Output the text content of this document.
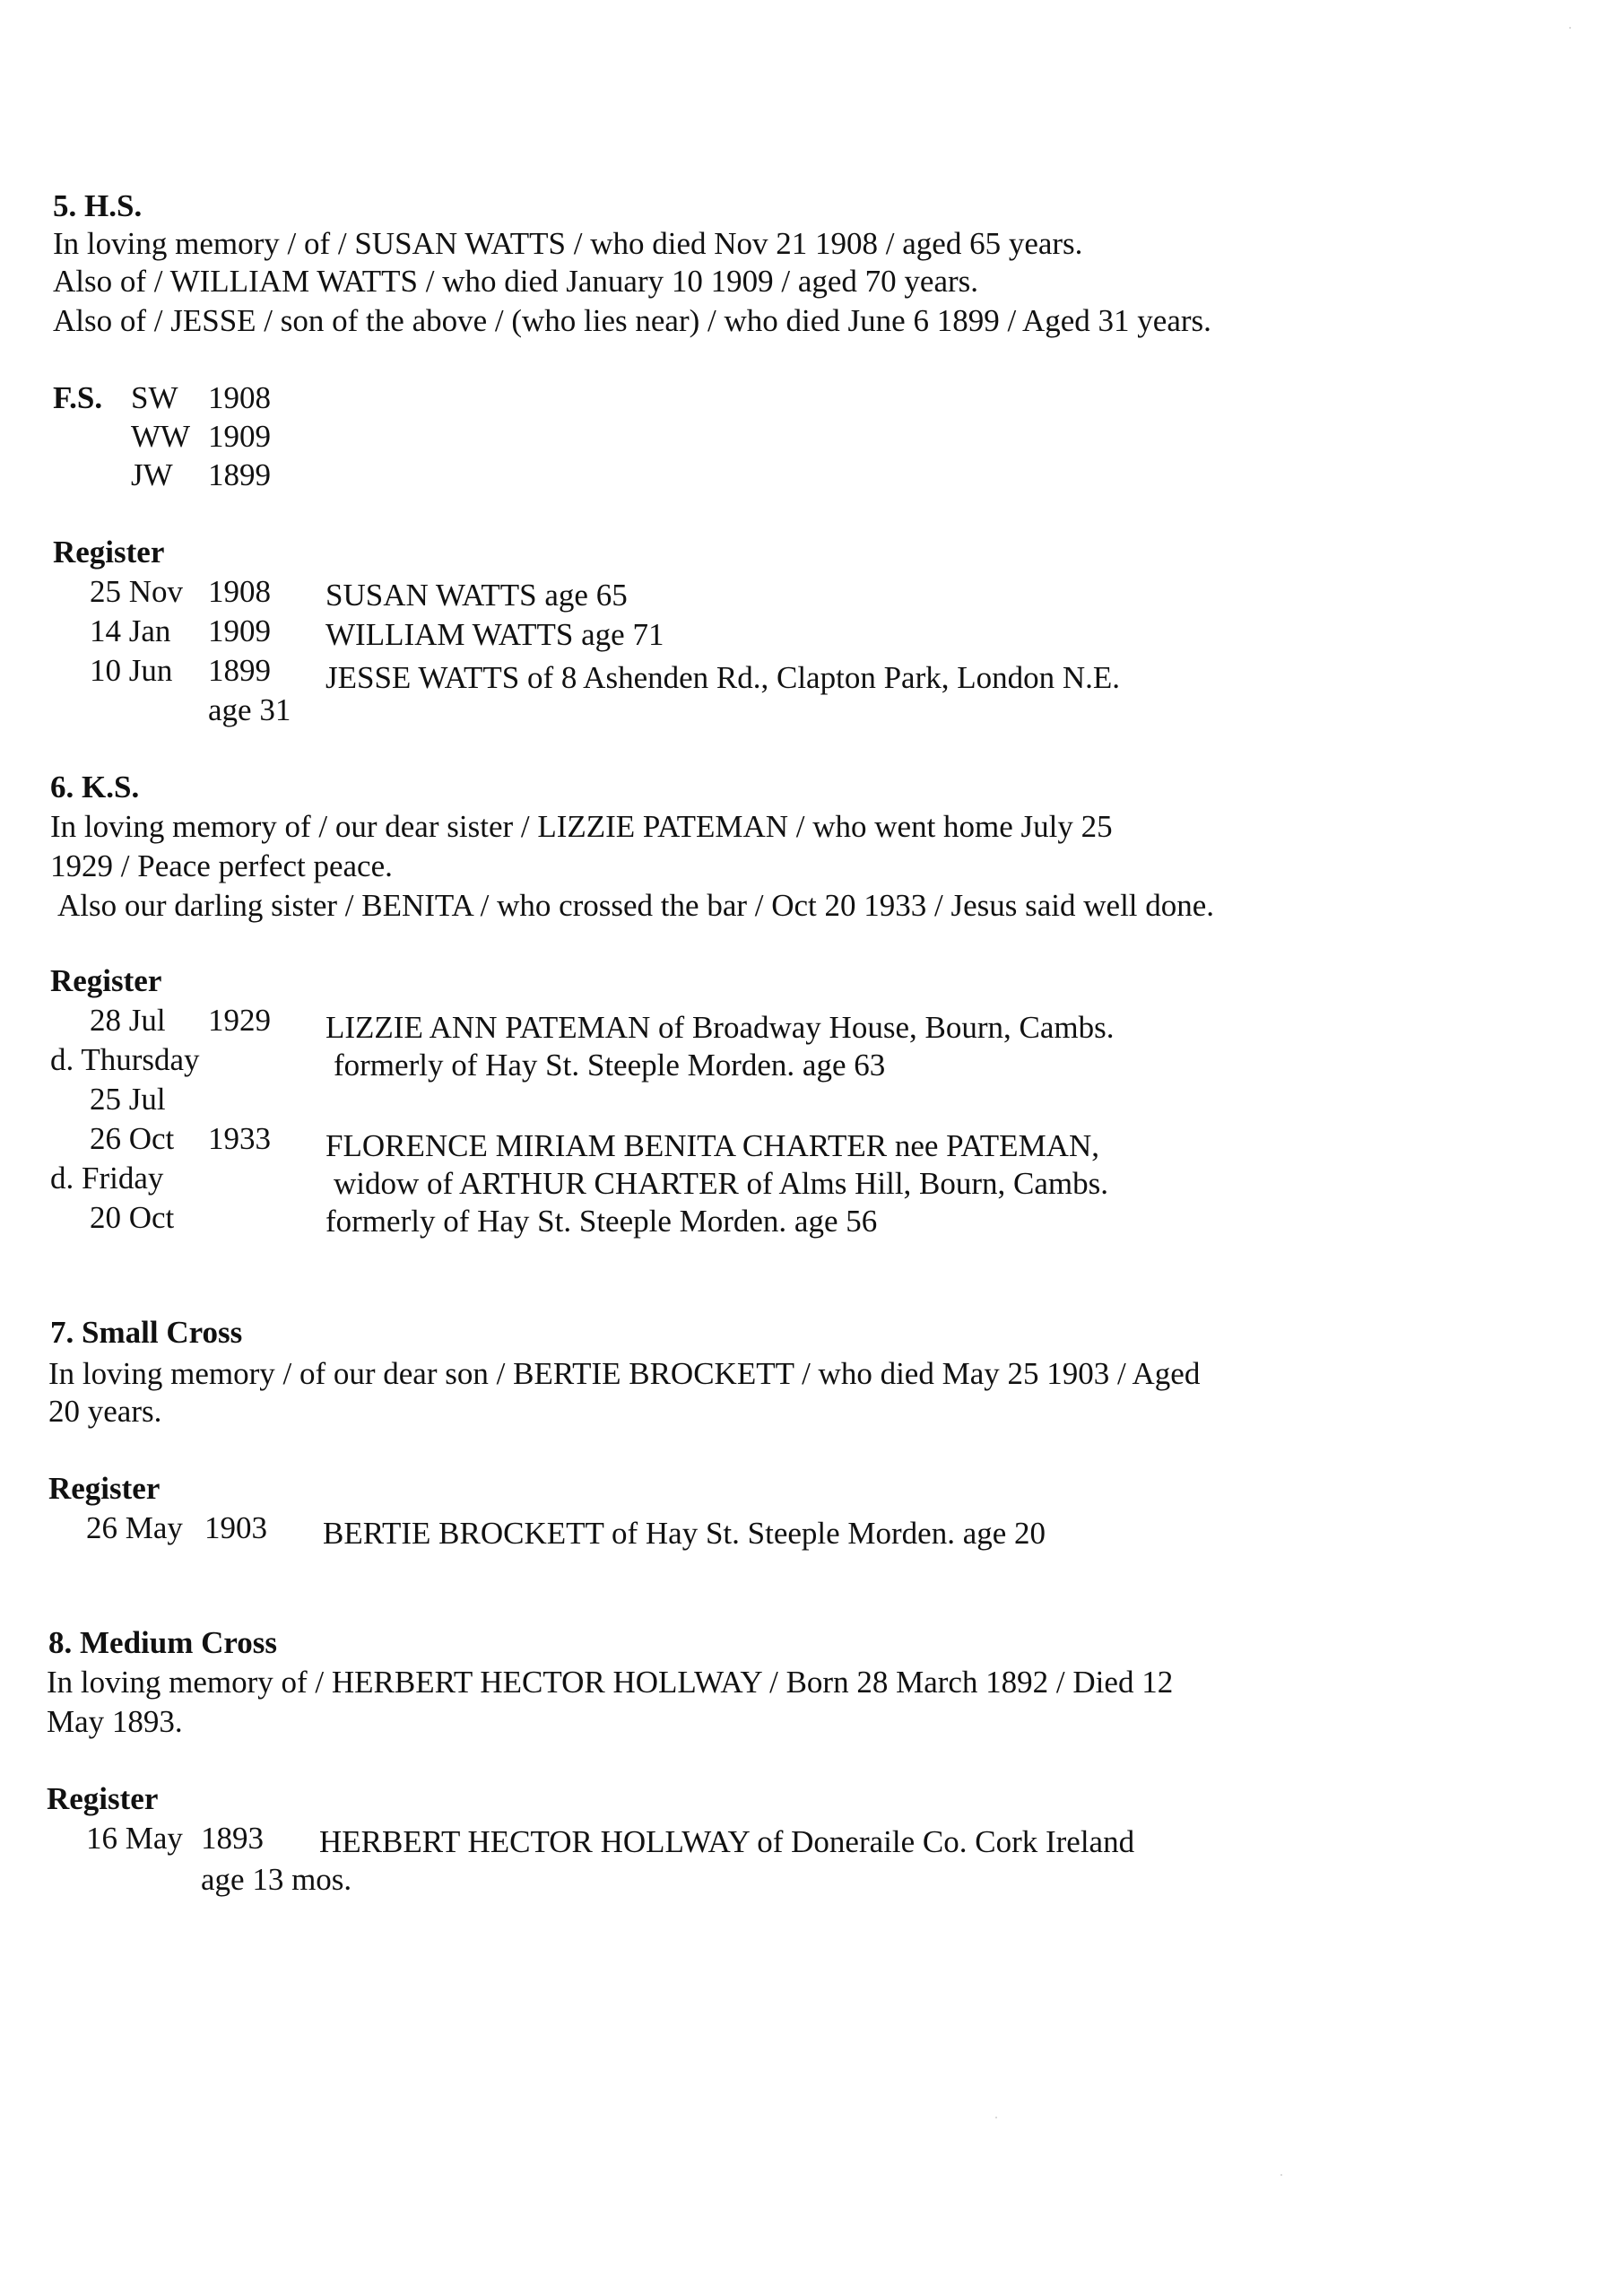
5. H.S.
In loving memory / of / SUSAN WATTS / who died Nov 21 1908 / aged 65 years.
Also of / WILLIAM WATTS / who died January 10 1909 / aged 70 years.
Also of / JESSE / son of the above / (who lies near) / who died June 6 1899 / Aged 31 years.
F.S. SW 1908
WW 1909
JW 1899
Register
25 Nov 1908 SUSAN WATTS age 65
14 Jan 1909 WILLIAM WATTS age 71
10 Jun 1899 JESSE WATTS of 8 Ashenden Rd., Clapton Park, London N.E.
age 31
6. K.S.
In loving memory of / our dear sister / LIZZIE PATEMAN / who went home July 25
1929 / Peace perfect peace.
Also our darling sister / BENITA / who crossed the bar / Oct 20 1933 / Jesus said well done.
Register
28 Jul 1929 LIZZIE ANN PATEMAN of Broadway House, Bourn, Cambs.
d. Thursday	formerly of Hay St. Steeple Morden. age 63
25 Jul
26 Oct 1933 FLORENCE MIRIAM BENITA CHARTER nee PATEMAN,
d. Friday	widow of ARTHUR CHARTER of Alms Hill, Bourn, Cambs.
20 Oct	formerly of Hay St. Steeple Morden. age 56
7. Small Cross
In loving memory / of our dear son / BERTIE BROCKETT / who died May 25 1903 / Aged
20 years.
Register
26 May 1903 BERTIE BROCKETT of Hay St. Steeple Morden. age 20
8. Medium Cross
In loving memory of / HERBERT HECTOR HOLLWAY / Born 28 March 1892 / Died 12
May 1893.
Register
16 May 1893 HERBERT HECTOR HOLLWAY of Doneraile Co. Cork Ireland
age 13 mos.
